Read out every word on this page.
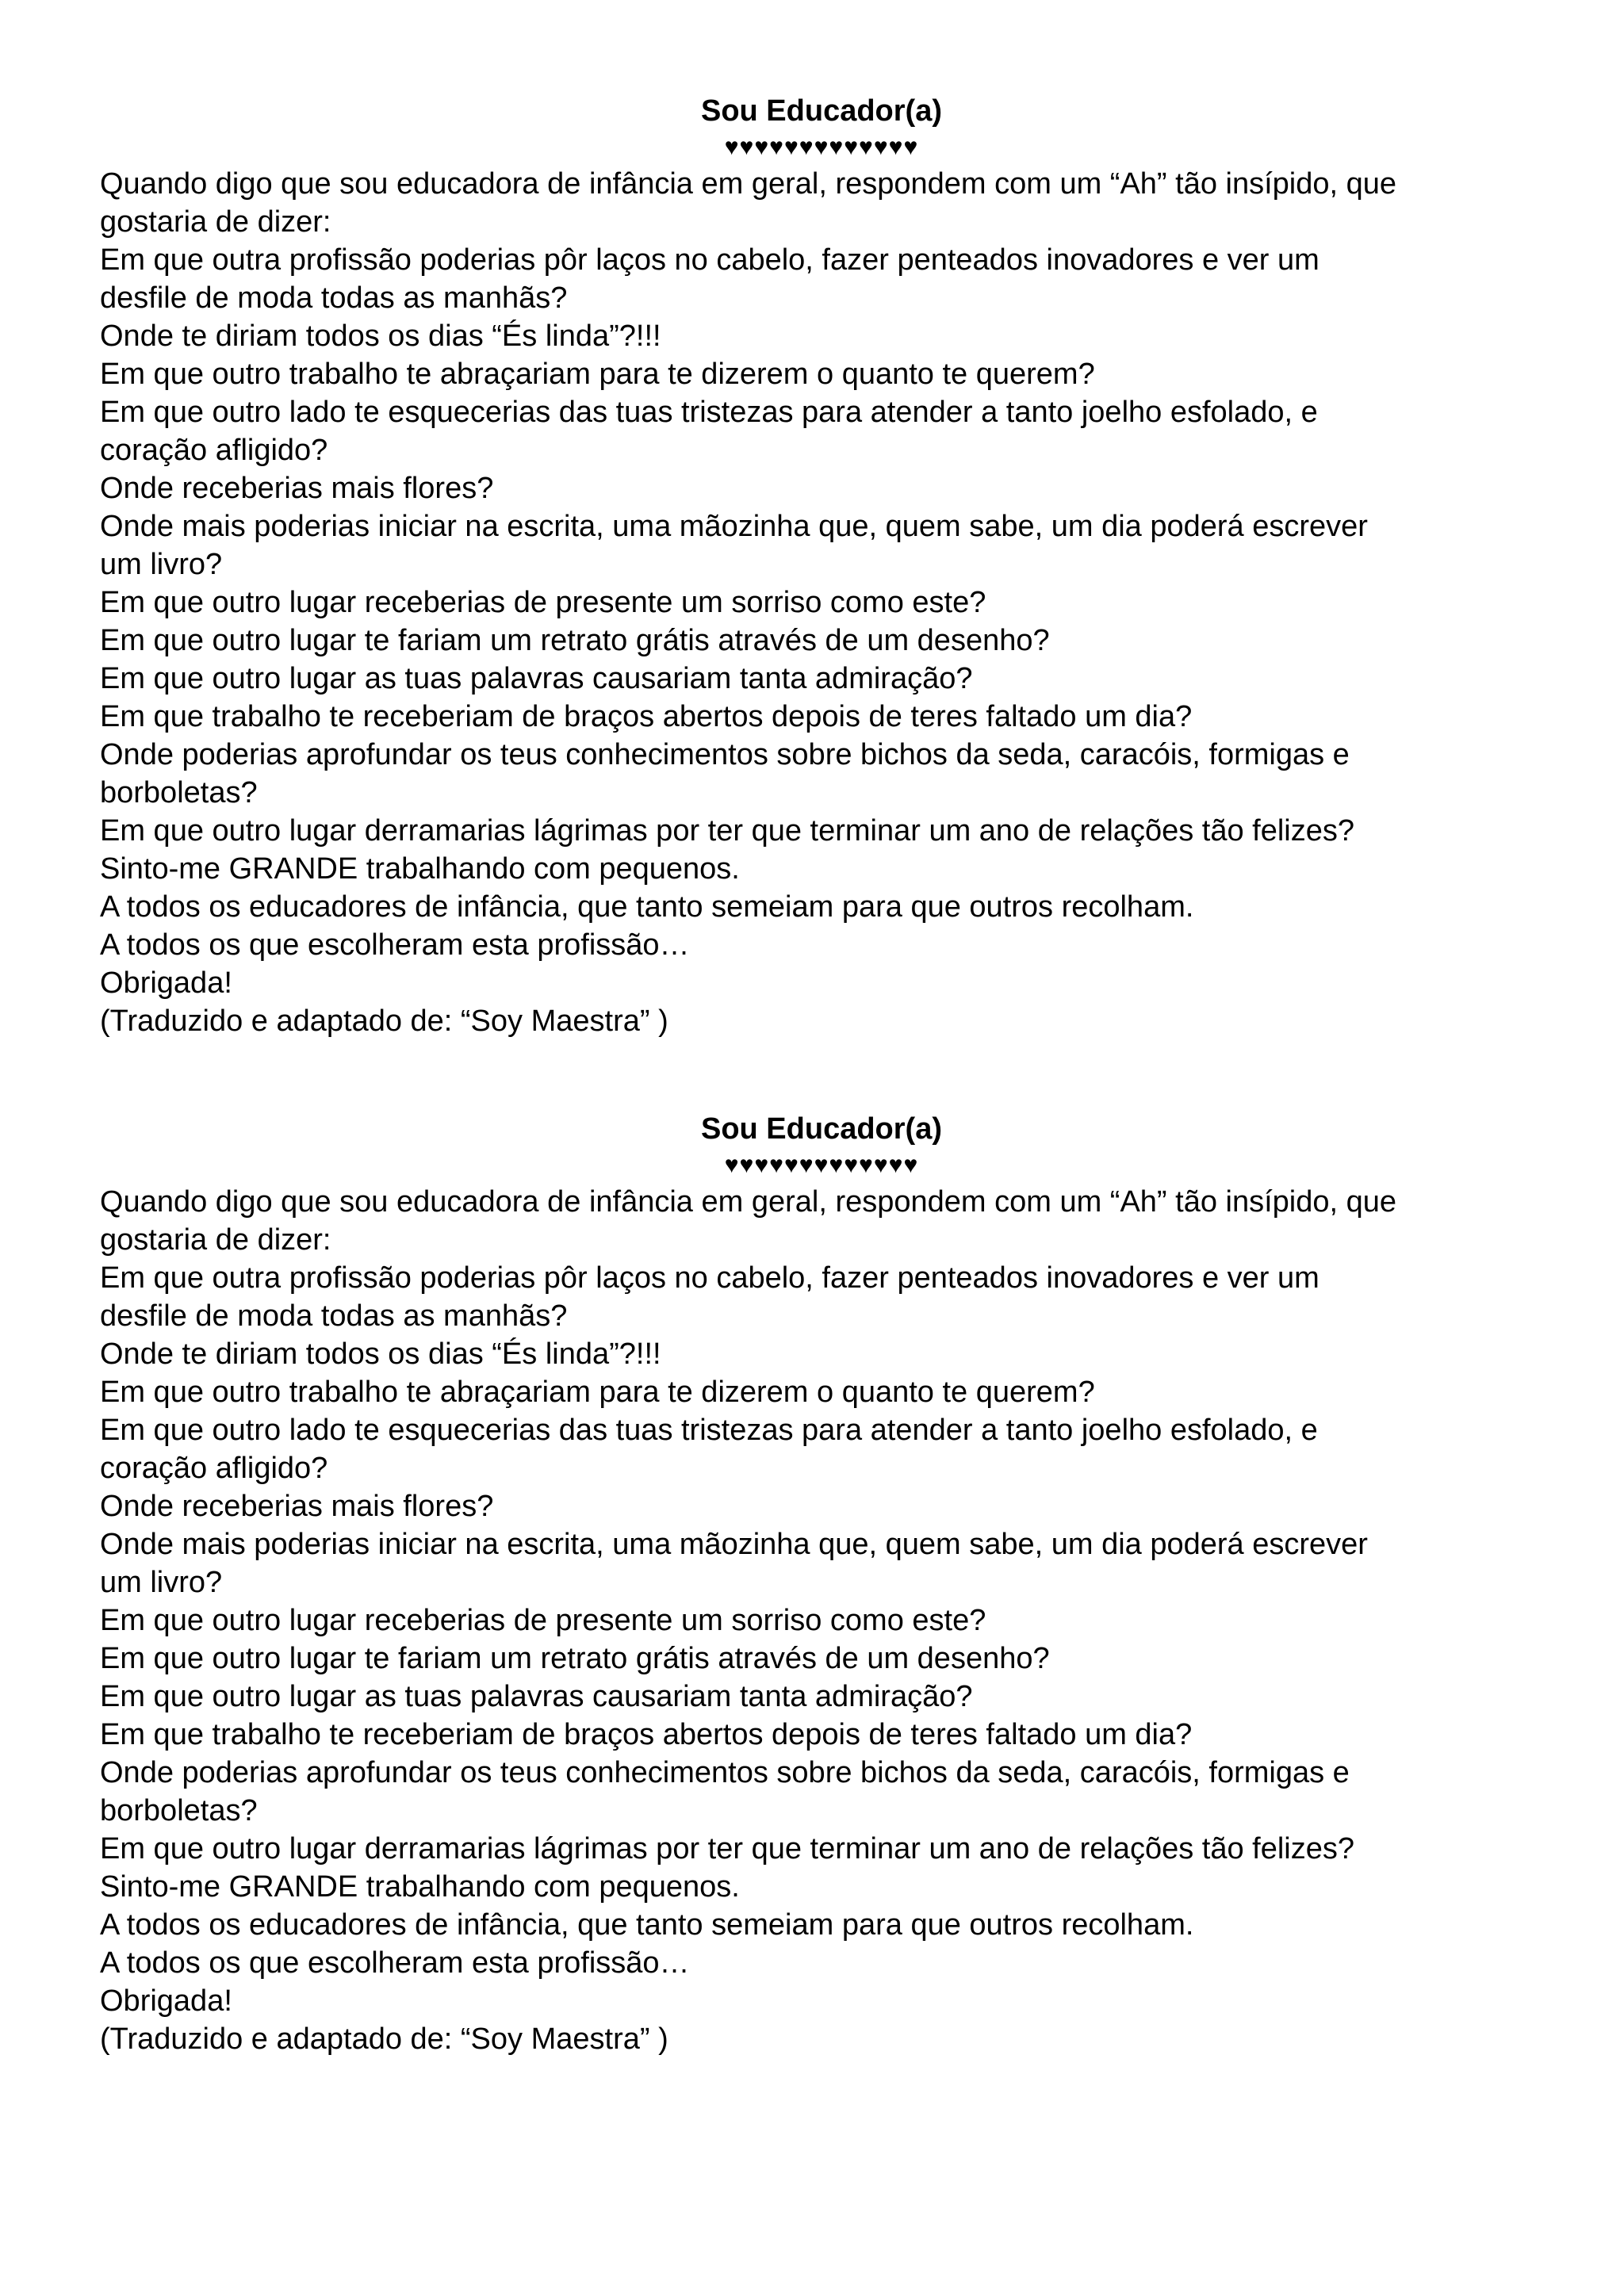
Sou Educador(a)
♥♥♥♥♥♥♥♥♥♥♥♥♥
Quando digo que sou educadora de infância em geral, respondem com um “Ah” tão insípido, que
gostaria de dizer:
Em que outra profissão poderias pôr laços no cabelo, fazer penteados inovadores e ver um
desfile de moda todas as manhãs?
Onde te diriam todos os dias “És linda”?!!!
Em que outro trabalho te abraçariam para te dizerem o quanto te querem?
Em que outro lado te esquecerias das tuas tristezas para atender a tanto joelho esfolado, e
coração afligido?
Onde receberias mais flores?
Onde mais poderias iniciar na escrita, uma mãozinha que, quem sabe, um dia poderá escrever
um livro?
Em que outro lugar receberias de presente um sorriso como este?
Em que outro lugar te fariam um retrato grátis através de um desenho?
Em que outro lugar as tuas palavras causariam tanta admiração?
Em que trabalho te receberiam de braços abertos depois de teres faltado um dia?
Onde poderias aprofundar os teus conhecimentos sobre bichos da seda, caracóis, formigas e
borboletas?
Em que outro lugar derramarias lágrimas por ter que terminar um ano de relações tão felizes?
Sinto-me GRANDE trabalhando com pequenos.
A todos os educadores de infância, que tanto semeiam para que outros recolham.
A todos os que escolheram esta profissão…
Obrigada!
(Traduzido e adaptado de: “Soy Maestra” )
Sou Educador(a)
♥♥♥♥♥♥♥♥♥♥♥♥♥
Quando digo que sou educadora de infância em geral, respondem com um “Ah” tão insípido, que
gostaria de dizer:
Em que outra profissão poderias pôr laços no cabelo, fazer penteados inovadores e ver um
desfile de moda todas as manhãs?
Onde te diriam todos os dias “És linda”?!!!
Em que outro trabalho te abraçariam para te dizerem o quanto te querem?
Em que outro lado te esquecerias das tuas tristezas para atender a tanto joelho esfolado, e
coração afligido?
Onde receberias mais flores?
Onde mais poderias iniciar na escrita, uma mãozinha que, quem sabe, um dia poderá escrever
um livro?
Em que outro lugar receberias de presente um sorriso como este?
Em que outro lugar te fariam um retrato grátis através de um desenho?
Em que outro lugar as tuas palavras causariam tanta admiração?
Em que trabalho te receberiam de braços abertos depois de teres faltado um dia?
Onde poderias aprofundar os teus conhecimentos sobre bichos da seda, caracóis, formigas e
borboletas?
Em que outro lugar derramarias lágrimas por ter que terminar um ano de relações tão felizes?
Sinto-me GRANDE trabalhando com pequenos.
A todos os educadores de infância, que tanto semeiam para que outros recolham.
A todos os que escolheram esta profissão…
Obrigada!
(Traduzido e adaptado de: “Soy Maestra” )
